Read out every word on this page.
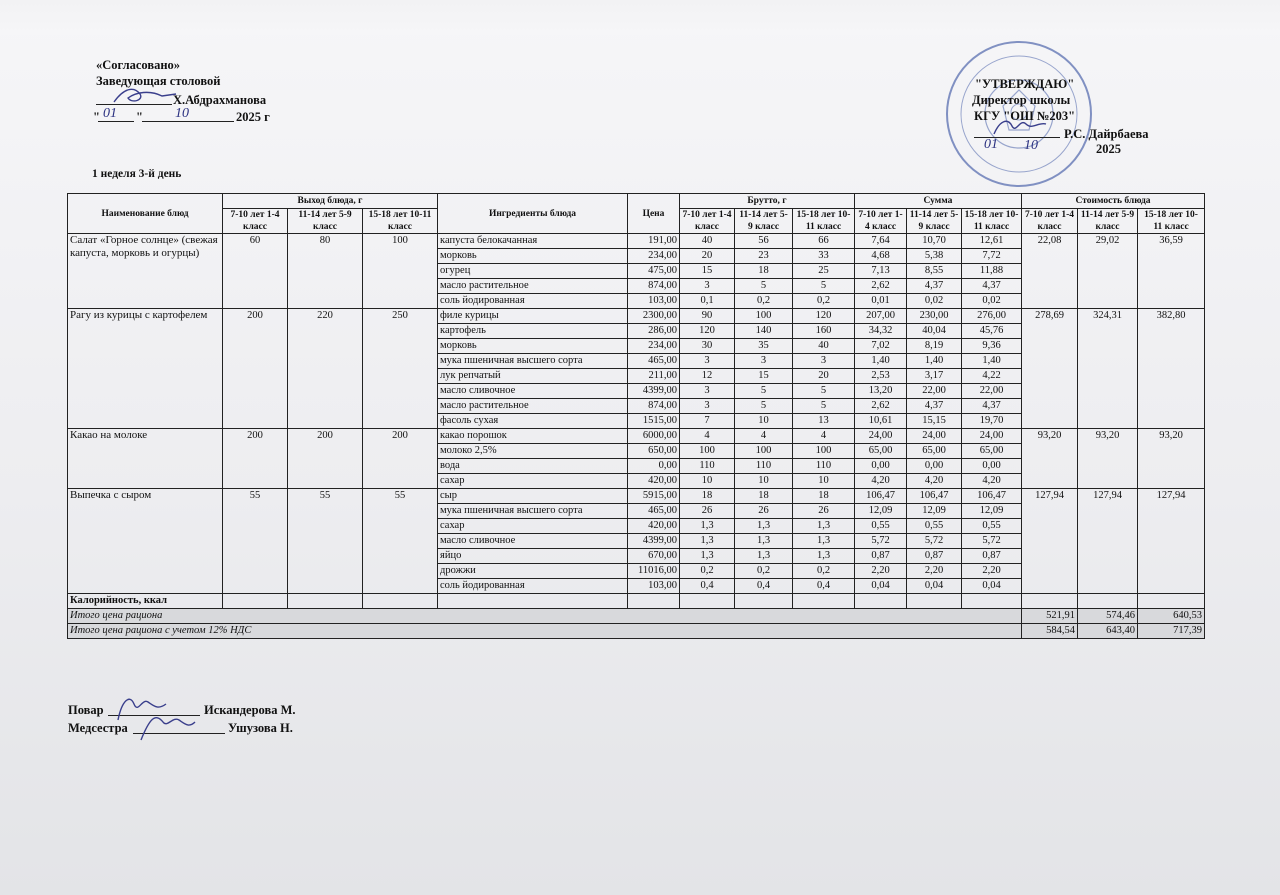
«Согласовано»
Заведующая столовой
Х.Абдрахманова
" 01 " 10	2025 г
"УТВЕРЖДАЮ"
Директор школы
КГУ "ОШ №203"
Р.С. Дайрбаева
01 10	2025
1 неделя 3-й день
Наименование блюд	Выход блюда, г			Ингредиенты блюда	Цена	Брутто, г			Сумма			Стоимость блюда		
	7-10 лет 1-4 класс	11-14 лет 5-9 класс	15-18 лет 10-11 класс			7-10 лет 1-4 класс	11-14 лет 5-9 класс	15-18 лет 10-11 класс	7-10 лет 1-4 класс	11-14 лет 5-9 класс	15-18 лет 10-11 класс	7-10 лет 1-4 класс	11-14 лет 5-9 класс	15-18 лет 10-11 класс
Салат «Горное солнце» (свежая капуста, морковь и огурцы)	60	80	100	капуста белокачанная	191,00	40	56	66	7,64	10,70	12,61	22,08	29,02	36,59
				морковь	234,00	20	23	33	4,68	5,38	7,72			
				огурец	475,00	15	18	25	7,13	8,55	11,88			
				масло растительное	874,00	3	5	5	2,62	4,37	4,37			
				соль йодированная	103,00	0,1	0,2	0,2	0,01	0,02	0,02			
Рагу из курицы с картофелем	200	220	250	филе курицы	2300,00	90	100	120	207,00	230,00	276,00	278,69	324,31	382,80
				картофель	286,00	120	140	160	34,32	40,04	45,76			
				морковь	234,00	30	35	40	7,02	8,19	9,36			
				мука пшеничная высшего сорта	465,00	3	3	3	1,40	1,40	1,40			
				лук репчатый	211,00	12	15	20	2,53	3,17	4,22			
				масло сливочное	4399,00	3	5	5	13,20	22,00	22,00			
				масло растительное	874,00	3	5	5	2,62	4,37	4,37			
				фасоль сухая	1515,00	7	10	13	10,61	15,15	19,70			
Какао на молоке	200	200	200	какао порошок	6000,00	4	4	4	24,00	24,00	24,00	93,20	93,20	93,20
				молоко 2,5%	650,00	100	100	100	65,00	65,00	65,00			
				вода	0,00	110	110	110	0,00	0,00	0,00			
				сахар	420,00	10	10	10	4,20	4,20	4,20			
Выпечка с сыром	55	55	55	сыр	5915,00	18	18	18	106,47	106,47	106,47	127,94	127,94	127,94
				мука пшеничная высшего сорта	465,00	26	26	26	12,09	12,09	12,09			
				сахар	420,00	1,3	1,3	1,3	0,55	0,55	0,55			
				масло сливочное	4399,00	1,3	1,3	1,3	5,72	5,72	5,72			
				яйцо	670,00	1,3	1,3	1,3	0,87	0,87	0,87			
				дрожжи	11016,00	0,2	0,2	0,2	2,20	2,20	2,20			
				соль йодированная	103,00	0,4	0,4	0,4	0,04	0,04	0,04			
Калорийность, ккал														
Итого цена рациона												521,91	574,46	640,53
Итого цена рациона с учетом 12% НДС												584,54	643,40	717,39
Повар	Искандерова М.
Медсестра	Ушузова Н.
